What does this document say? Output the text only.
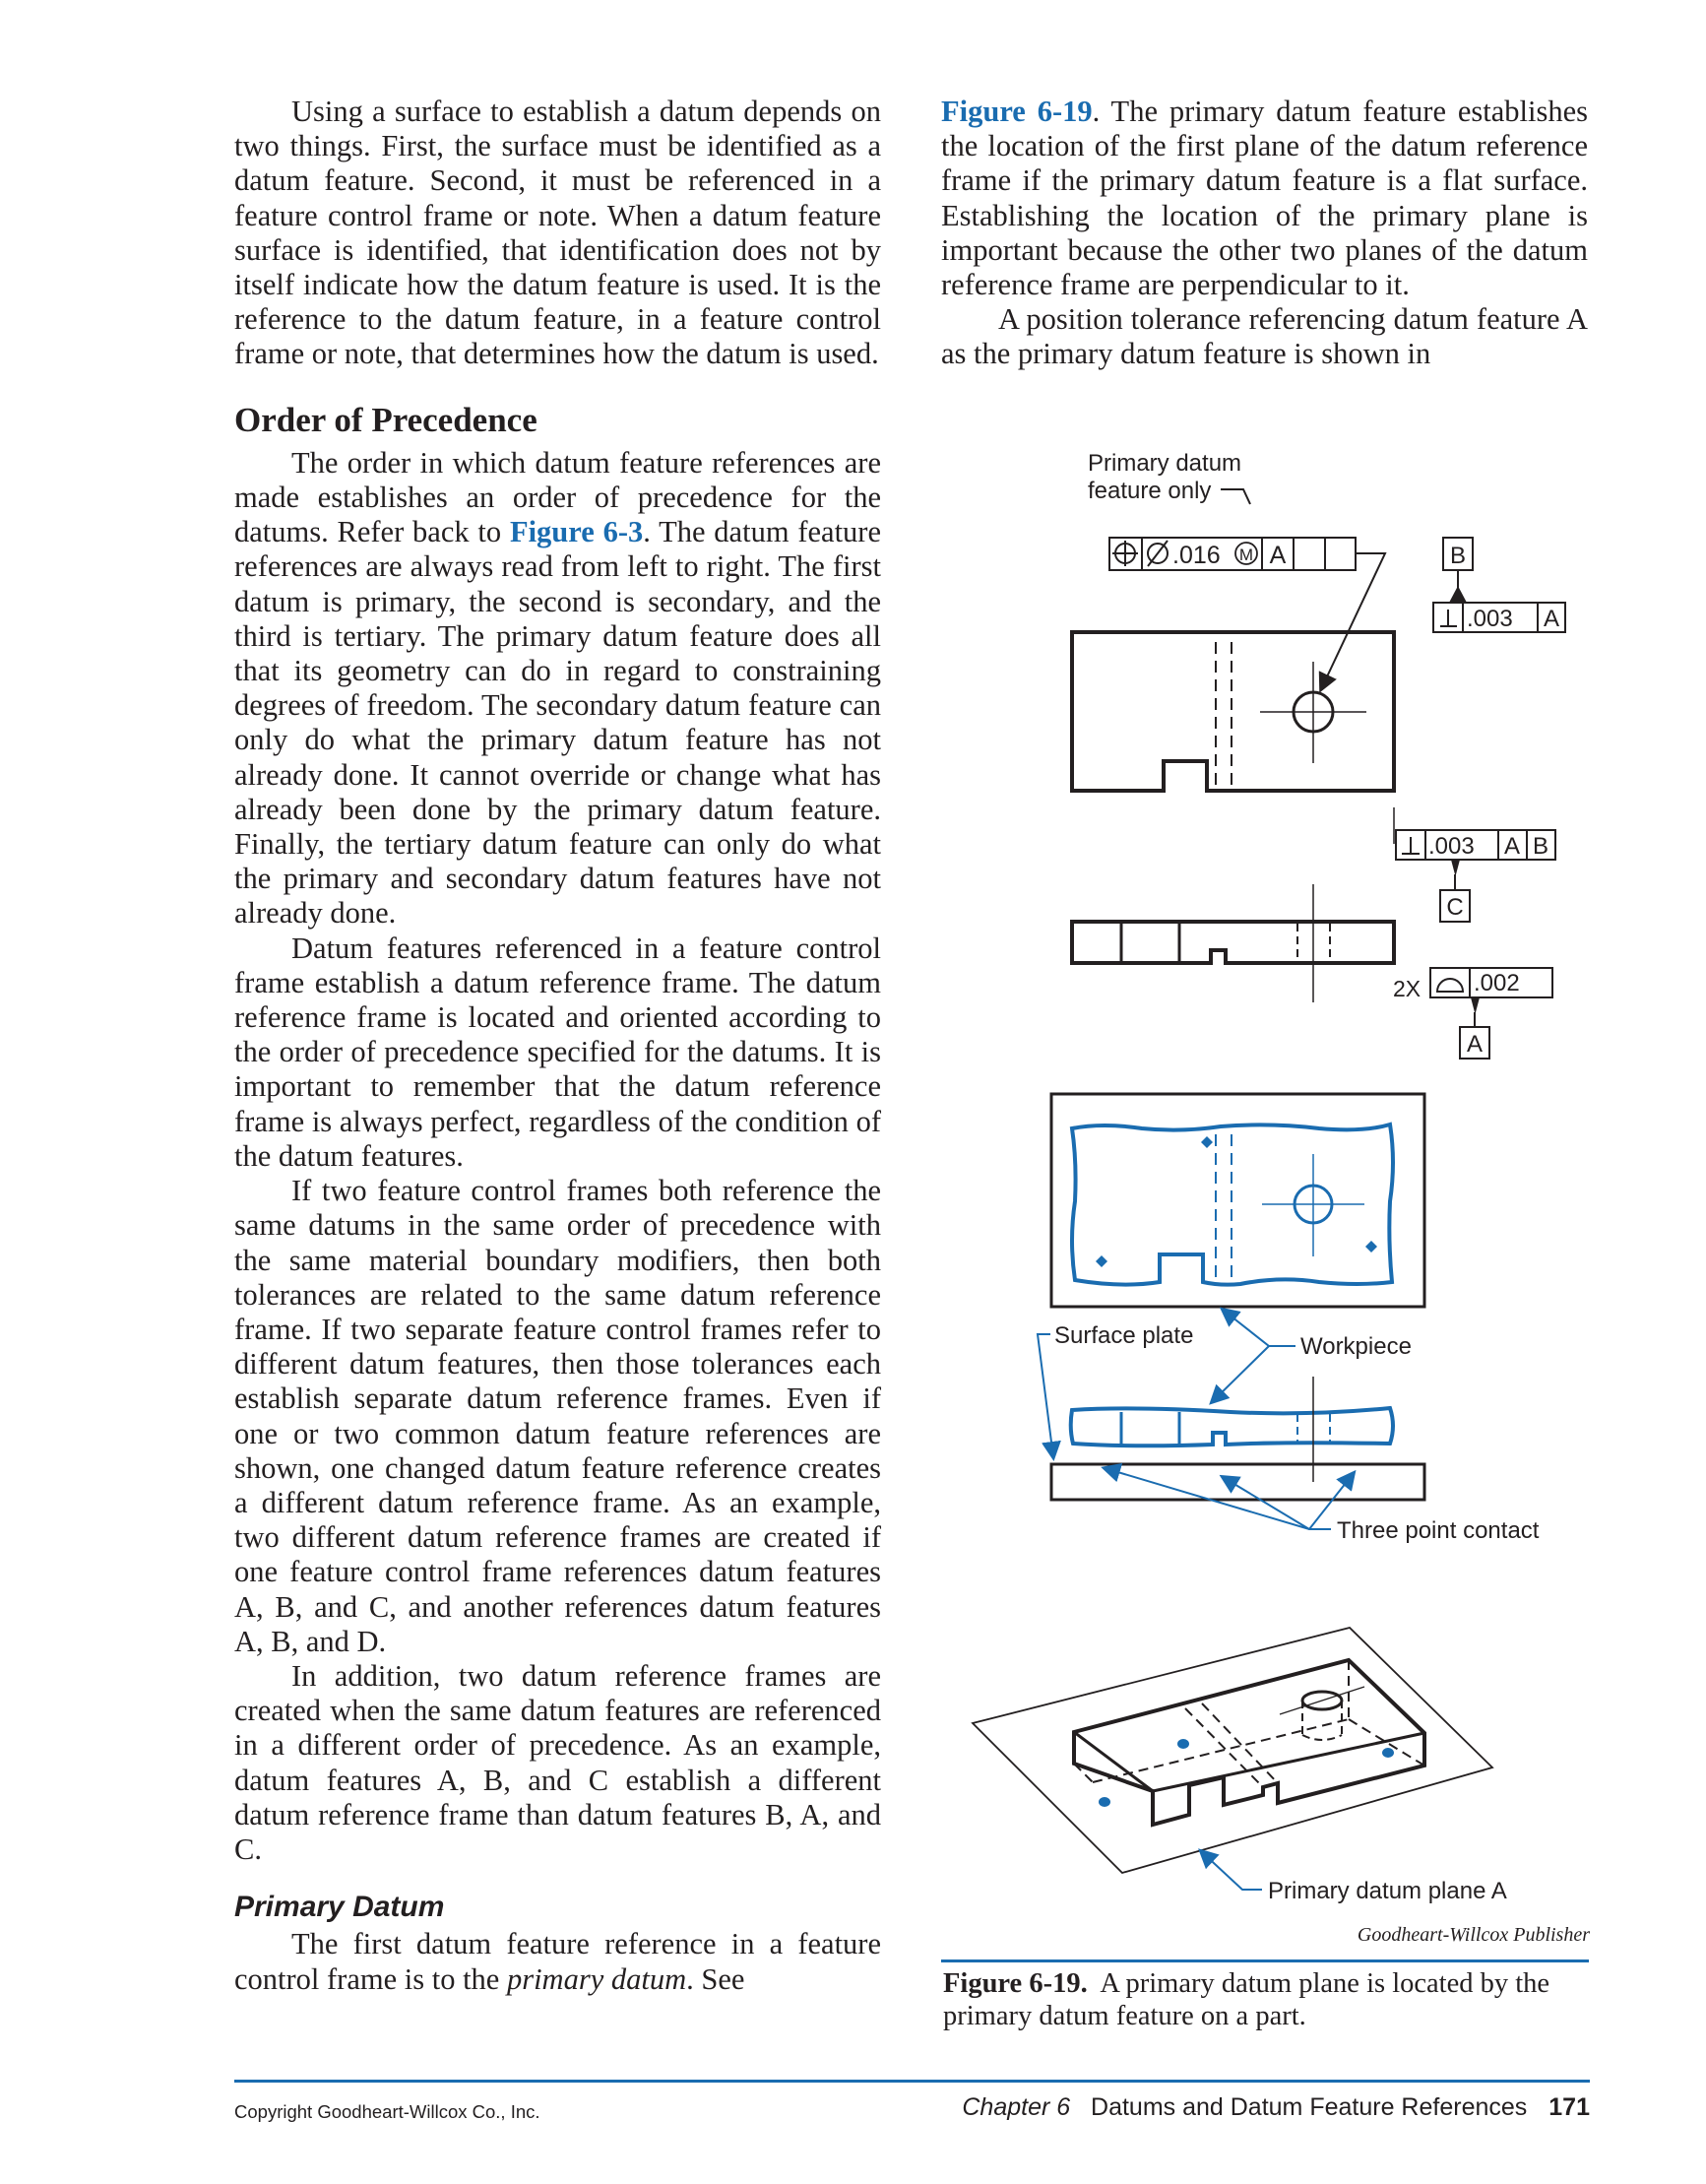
Using a surface to establish a datum depends on two things. First, the surface must be identified as a datum feature. Second, it must be referenced in a feature control frame or note. When a datum feature surface is identified, that identification does not by itself indicate how the datum feature is used. It is the reference to the datum feature, in a feature control frame or note, that determines how the datum is used.

Order of Precedence

The order in which datum feature references are made establishes an order of precedence for the datums. Refer back to Figure 6-3. The datum feature references are always read from left to right. The first datum is primary, the second is secondary, and the third is tertiary. The primary datum feature does all that its geometry can do in regard to constraining degrees of freedom. The secondary datum feature can only do what the primary datum feature has not already done. It cannot override or change what has already been done by the primary datum feature. Finally, the tertiary datum feature can only do what the primary and secondary datum features have not already done.

Datum features referenced in a feature control frame establish a datum reference frame. The datum reference frame is located and oriented according to the order of precedence specified for the datums. It is important to remember that the datum reference frame is always perfect, regardless of the condition of the datum features.

If two feature control frames both reference the same datums in the same order of precedence with the same material boundary modifiers, then both tolerances are related to the same datum reference frame. If two separate feature control frames refer to different datum features, then those tolerances each establish separate datum reference frames. Even if one or two common datum feature references are shown, one changed datum feature reference creates a different datum reference frame. As an example, two different datum reference frames are created if one feature control frame references datum features A, B, and C, and another references datum features A, B, and D.

In addition, two datum reference frames are created when the same datum features are referenced in a different order of precedence. As an example, datum features A, B, and C establish a different datum reference frame than datum features B, A, and C.

Primary Datum

The first datum feature reference in a feature control frame is to the primary datum. See

Figure 6-19. The primary datum feature establishes the location of the first plane of the datum reference frame if the primary datum feature is a flat surface. Establishing the location of the primary plane is important because the other two planes of the datum reference frame are perpendicular to it.

A position tolerance referencing datum feature A as the primary datum feature is shown in

Primary datum
feature only
.016 M A	B
.003 A
.003 A B
C
2X .002
A
Surface plate	Workpiece
Three point contact
Primary datum plane A
Goodheart-Willcox Publisher
Figure 6-19. A primary datum plane is located by the primary datum feature on a part.
Copyright Goodheart-Willcox Co., Inc.	Chapter 6 Datums and Datum Feature References 171
